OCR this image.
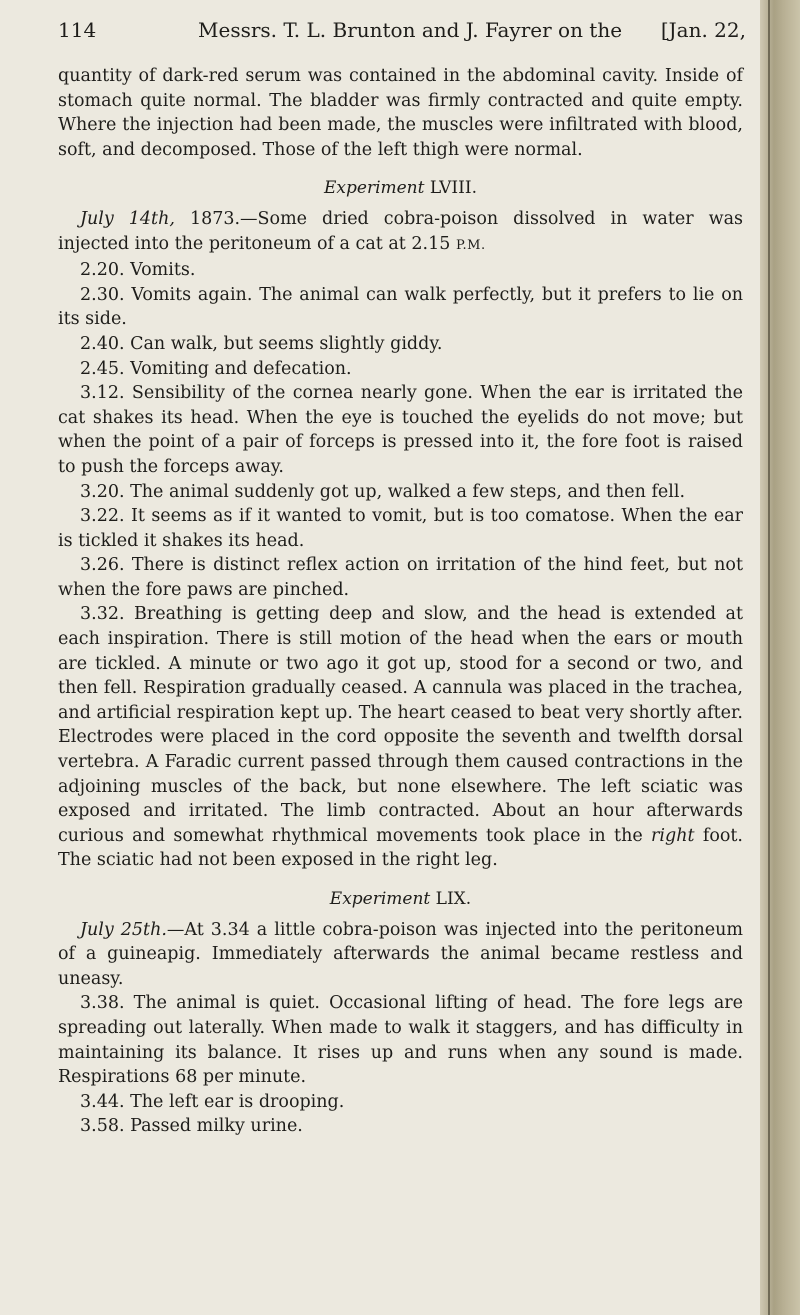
114	Messrs. T. L. Brunton and J. Fayrer on the [Jan. 22,

quantity of dark-red serum was contained in the abdominal cavity. Inside of stomach quite normal. The bladder was firmly contracted and quite empty. Where the injection had been made, the muscles were infiltrated with blood, soft, and decomposed. Those of the left thigh were normal.

Experiment LVIII.

July 14th, 1873.—Some dried cobra-poison dissolved in water was injected into the peritoneum of a cat at 2.15 P.M.

2.20. Vomits.

2.30. Vomits again. The animal can walk perfectly, but it prefers to lie on its side.

2.40. Can walk, but seems slightly giddy.

2.45. Vomiting and defecation.

3.12. Sensibility of the cornea nearly gone. When the ear is irritated the cat shakes its head. When the eye is touched the eyelids do not move; but when the point of a pair of forceps is pressed into it, the fore foot is raised to push the forceps away.

3.20. The animal suddenly got up, walked a few steps, and then fell.

3.22. It seems as if it wanted to vomit, but is too comatose. When the ear is tickled it shakes its head.

3.26. There is distinct reflex action on irritation of the hind feet, but not when the fore paws are pinched.

3.32. Breathing is getting deep and slow, and the head is extended at each inspiration. There is still motion of the head when the ears or mouth are tickled. A minute or two ago it got up, stood for a second or two, and then fell. Respiration gradually ceased. A cannula was placed in the trachea, and artificial respiration kept up. The heart ceased to beat very shortly after. Electrodes were placed in the cord opposite the seventh and twelfth dorsal vertebra. A Faradic current passed through them caused contractions in the adjoining muscles of the back, but none elsewhere. The left sciatic was exposed and irritated. The limb contracted. About an hour afterwards curious and somewhat rhythmical movements took place in the right foot. The sciatic had not been exposed in the right leg.

Experiment LIX.

July 25th.—At 3.34 a little cobra-poison was injected into the peritoneum of a guineapig. Immediately afterwards the animal became restless and uneasy.

3.38. The animal is quiet. Occasional lifting of head. The fore legs are spreading out laterally. When made to walk it staggers, and has difficulty in maintaining its balance. It rises up and runs when any sound is made. Respirations 68 per minute.

3.44. The left ear is drooping.

3.58. Passed milky urine.
